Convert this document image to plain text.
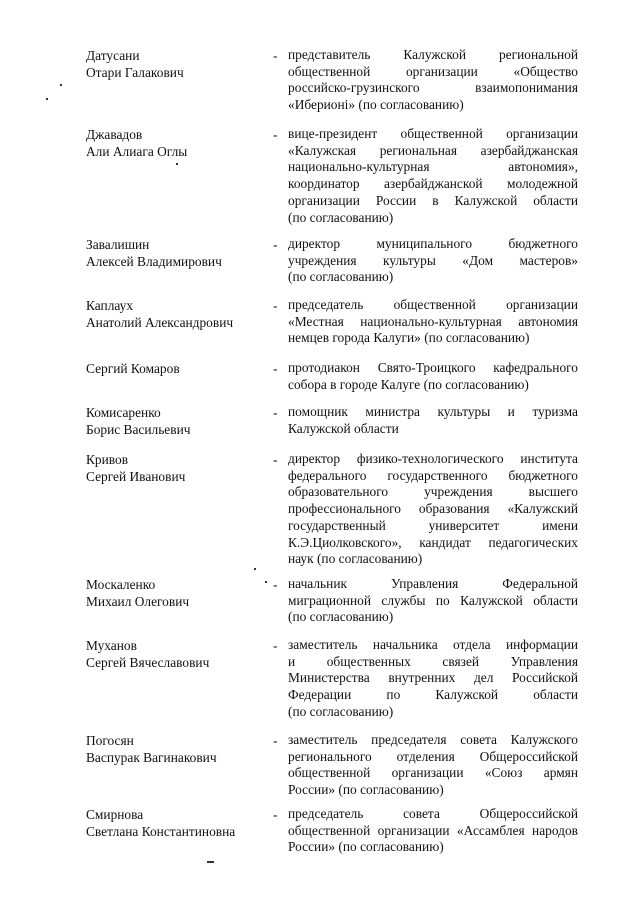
Датусани
Отари Галакович
- представитель Калужской региональной
общественной организации «Общество
российско-грузинского взаимопонимания
«Иберионі» (по согласованию)
Джавадов
Али Алиага Оглы
- вице-президент общественной организации
«Калужская региональная азербайджанская
национально-культурная автономия»,
координатор азербайджанской молодежной
организации России в Калужской области
(по согласованию)
Завалишин
Алексей Владимирович
- директор муниципального бюджетного
учреждения культуры «Дом мастеров»
(по согласованию)
Каплаух
Анатолий Александрович
- председатель общественной организации
«Местная национально-культурная автономия
немцев города Калуги» (по согласованию)
Сергий Комаров	- протодиакон Свято-Троицкого кафедрального
собора в городе Калуге (по согласованию)
Комисаренко
Борис Васильевич
- помощник министра культуры и туризма
Калужской области
Кривов
Сергей Иванович
- директор физико-технологического института
федерального государственного бюджетного
образовательного учреждения высшего
профессионального образования «Калужский
государственный университет имени
К.Э.Циолковского», кандидат педагогических
наук (по согласованию)
Москаленко
Михаил Олегович
- начальник Управления Федеральной
миграционной службы по Калужской области
(по согласованию)
Муханов
Сергей Вячеславович
- заместитель начальника отдела информации
и общественных связей Управления
Министерства внутренних дел Российской
Федерации по Калужской области
(по согласованию)
Погосян
Васпурак Вагинакович
- заместитель председателя совета Калужского
регионального отделения Общероссийской
общественной организации «Союз армян
России» (по согласованию)
Смирнова
Светлана Константиновна
- председатель совета Общероссийской
общественной организации «Ассамблея народов
России» (по согласованию)
